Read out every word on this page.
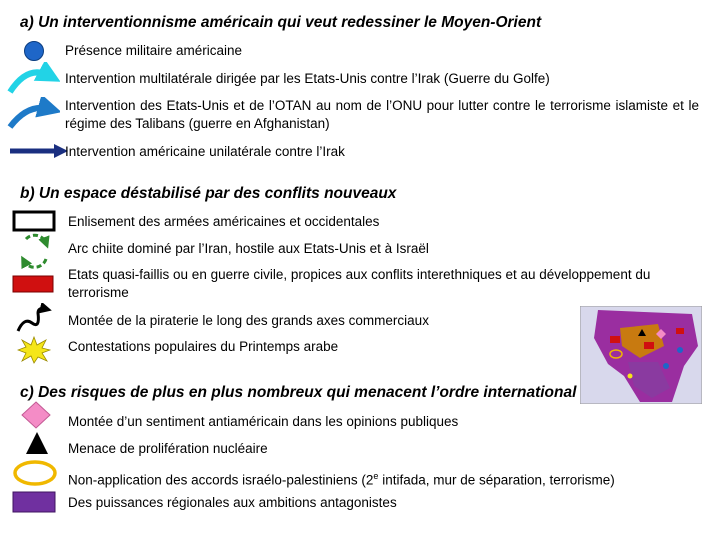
a) Un interventionnisme américain qui veut redessiner le Moyen-Orient
Présence militaire américaine
Intervention multilatérale dirigée par les Etats-Unis contre l’Irak (Guerre du Golfe)
Intervention des Etats-Unis et de l’OTAN au nom de l’ONU pour lutter contre le terrorisme islamiste et le régime des Talibans (guerre en Afghanistan)
Intervention américaine unilatérale contre l’Irak
b) Un espace déstabilisé par des conflits nouveaux
Enlisement des armées américaines et occidentales
Arc chiite dominé par l’Iran, hostile aux Etats-Unis et à Israël
Etats quasi-faillis ou en guerre civile, propices aux conflits interethniques et au développement du terrorisme
Montée de la piraterie le long des grands axes commerciaux
Contestations populaires du Printemps arabe
c) Des risques de plus en plus nombreux qui menacent l’ordre international
Montée d’un sentiment antiaméricain dans les opinions publiques
Menace de prolifération nucléaire
Non-application des accords israélo-palestiniens (2e intifada, mur de séparation, terrorisme)
Des puissances régionales aux ambitions antagonistes
